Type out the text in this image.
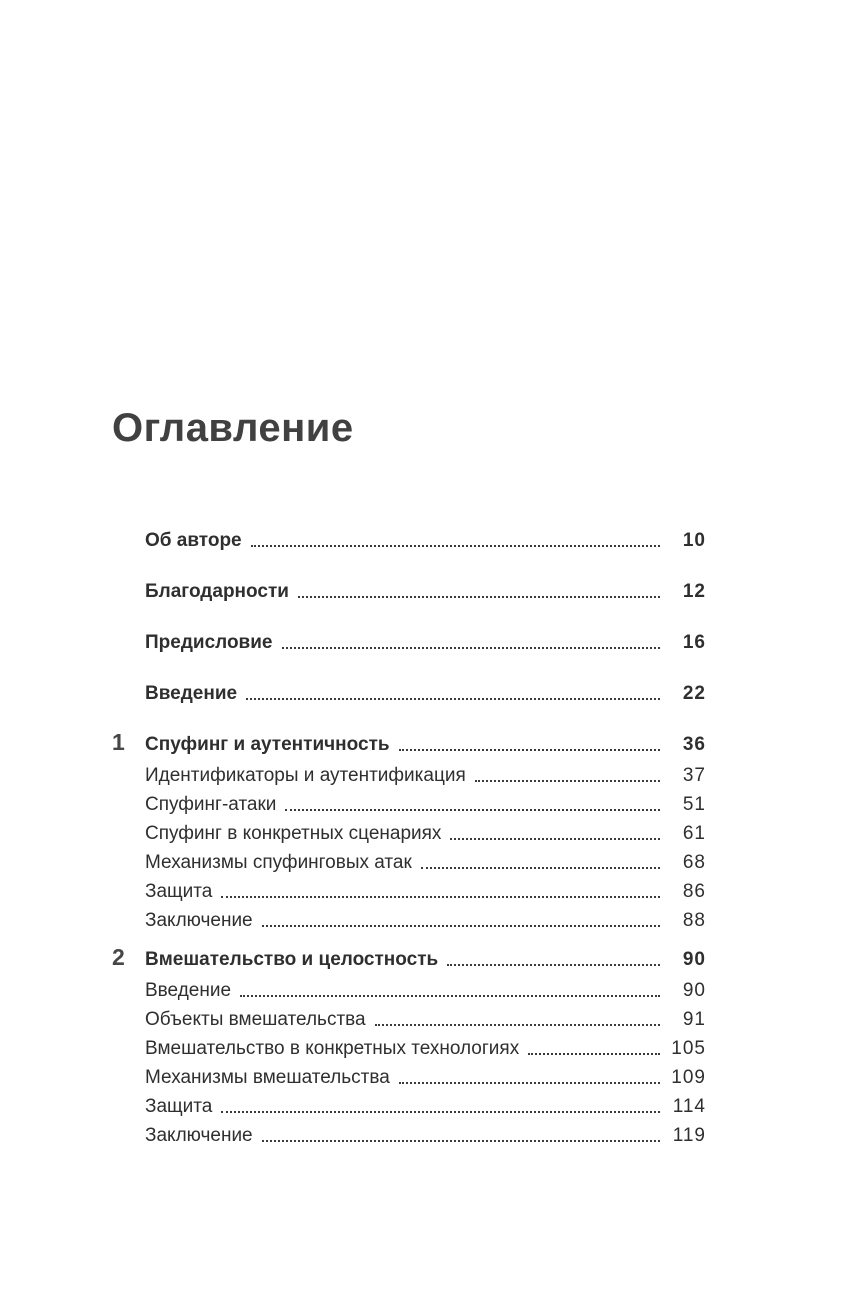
Оглавление
Об авторе	10
Благодарности	12
Предисловие	16
Введение	22
1 Спуфинг и аутентичность	36
Идентификаторы и аутентификация	37
Спуфинг-атаки	51
Спуфинг в конкретных сценариях	61
Механизмы спуфинговых атак	68
Защита	86
Заключение	88
2 Вмешательство и целостность	90
Введение	90
Объекты вмешательства	91
Вмешательство в конкретных технологиях	105
Механизмы вмешательства	109
Защита	114
Заключение	119
